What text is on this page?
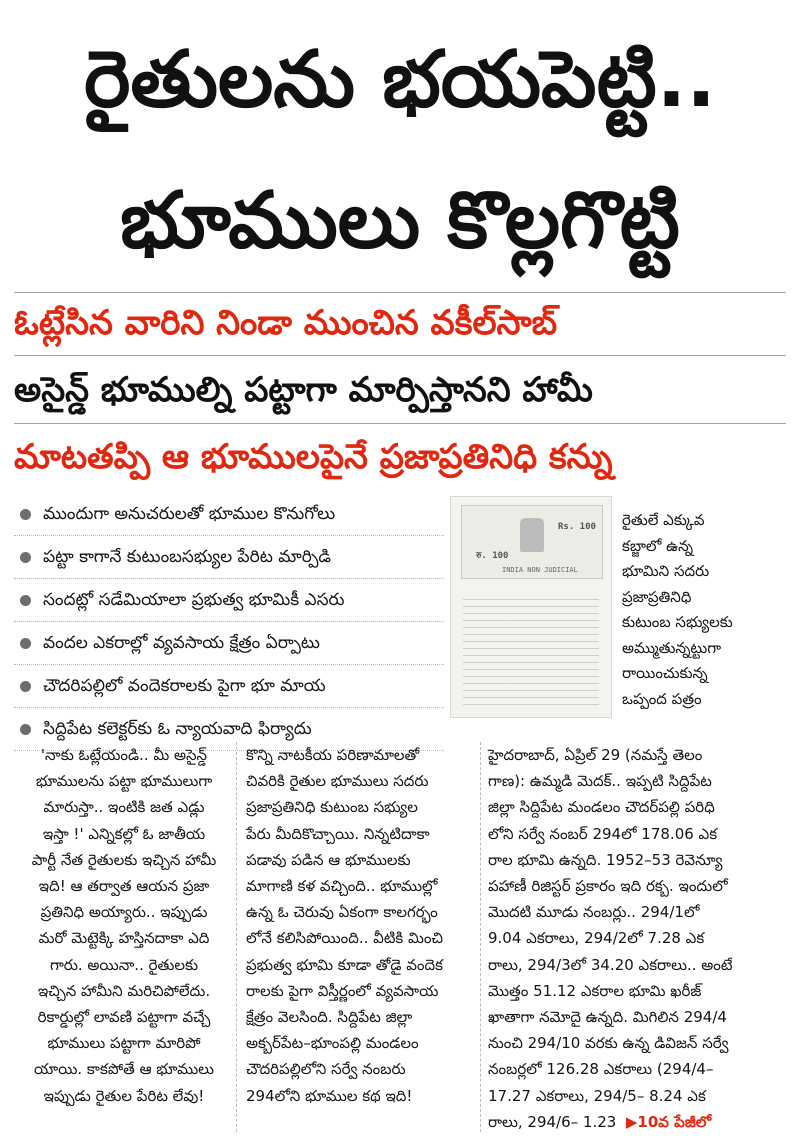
రైతులను భయపెట్టి..
భూములు కొల్లగొట్టి
ఓట్లేసిన వారిని నిండా ముంచిన వకీల్‌సాబ్‌
అసైన్డ్‌ భూముల్ని పట్టాగా మార్పిస్తానని హామీ
మాటతప్పి ఆ భూములపైనే ప్రజాప్రతినిధి కన్ను
ముందుగా అనుచరులతో భూముల కొనుగోలు
పట్టా కాగానే కుటుంబసభ్యుల పేరిట మార్పిడి
సందట్లో సడేమియాలా ప్రభుత్వ భూమికీ ఎసరు
వందల ఎకరాల్లో వ్యవసాయ క్షేత్రం ఏర్పాటు
చౌదరిపల్లిలో వందెకరాలకు పైగా భూ మాయ
సిద్దిపేట కలెక్టర్‌కు ఓ న్యాయవాది ఫిర్యాదు
Rs. 100
रु. 100
INDIA NON JUDICIAL
రైతులే ఎక్కువ
కబ్జాలో ఉన్న
భూమిని సదరు
ప్రజాప్రతినిధి
కుటుంబ సభ్యులకు
అమ్ముతున్నట్టుగా
రాయించుకున్న
ఒప్పంద పత్రం
'నాకు ఓట్లేయండి.. మీ అసైన్డ్
భూములను పట్టా భూములుగా
మారుస్తా.. ఇంటికి జత ఎడ్లు
ఇస్తా !' ఎన్నికల్లో ఓ జాతీయ
పార్టీ నేత రైతులకు ఇచ్చిన హామీ
ఇది! ఆ తర్వాత ఆయన ప్రజా
ప్రతినిధి అయ్యారు.. ఇప్పుడు
మరో మెట్టెక్కి హస్తినదాకా ఎది
గారు. అయినా.. రైతులకు
ఇచ్చిన హామీని మరిచిపోలేదు.
రికార్డుల్లో లావణి పట్టాగా వచ్చే
భూములు పట్టాగా మారిపో
యాయి. కాకపోతే ఆ భూములు
ఇప్పుడు రైతుల పేరిట లేవు!
కొన్ని నాటకీయ పరిణామాలతో
చివరికి రైతుల భూములు సదరు
ప్రజాప్రతినిధి కుటుంబ సభ్యుల
పేరు మీదికొచ్చాయి. నిన్నటిదాకా
పడావు పడిన ఆ భూములకు
మాగాణి కళ వచ్చింది.. భూముల్లో
ఉన్న ఓ చెరువు ఏకంగా కాలగర్భం
లోనే కలిసిపోయింది.. వీటికి మించి
ప్రభుత్వ భూమి కూడా తోడై వందెక
రాలకు పైగా విస్తీర్ణంలో వ్యవసాయ
క్షేత్రం వెలసింది. సిద్దిపేట జిల్లా
అక్బర్‌పేట–భూంపల్లి మండలం
చౌదరిపల్లిలోని సర్వే నంబరు
294లోని భూముల కథ ఇది!
హైదరాబాద్‌, ఏప్రిల్‌ 29 (నమస్తే తెలం
గాణ): ఉమ్మడి మెదక్‌.. ఇప్పటి సిద్దిపేట
జిల్లా సిద్దిపేట మండలం చౌదర్‌పల్లి పరిధి
లోని సర్వే నంబర్‌ 294లో 178.06 ఎక
రాల భూమి ఉన్నది. 1952–53 రెవెన్యూ
పహాణీ రిజిస్టర్‌ ప్రకారం ఇది రక్బ. ఇందులో
మొదటి మూడు నంబర్లు.. 294/1లో
9.04 ఎకరాలు, 294/2లో 7.28 ఎక
రాలు, 294/3లో 34.20 ఎకరాలు.. అంటే
మొత్తం 51.12 ఎకరాల భూమి ఖరీజ్‌
ఖాతాగా నమోదై ఉన్నది. మిగిలిన 294/4
నుంచి 294/10 వరకు ఉన్న డివిజన్‌ సర్వే
నంబర్లలో 126.28 ఎకరాలు (294/4–
17.27 ఎకరాలు, 294/5– 8.24 ఎక
రాలు, 294/6– 1.23 ▶10వ పేజీలో
